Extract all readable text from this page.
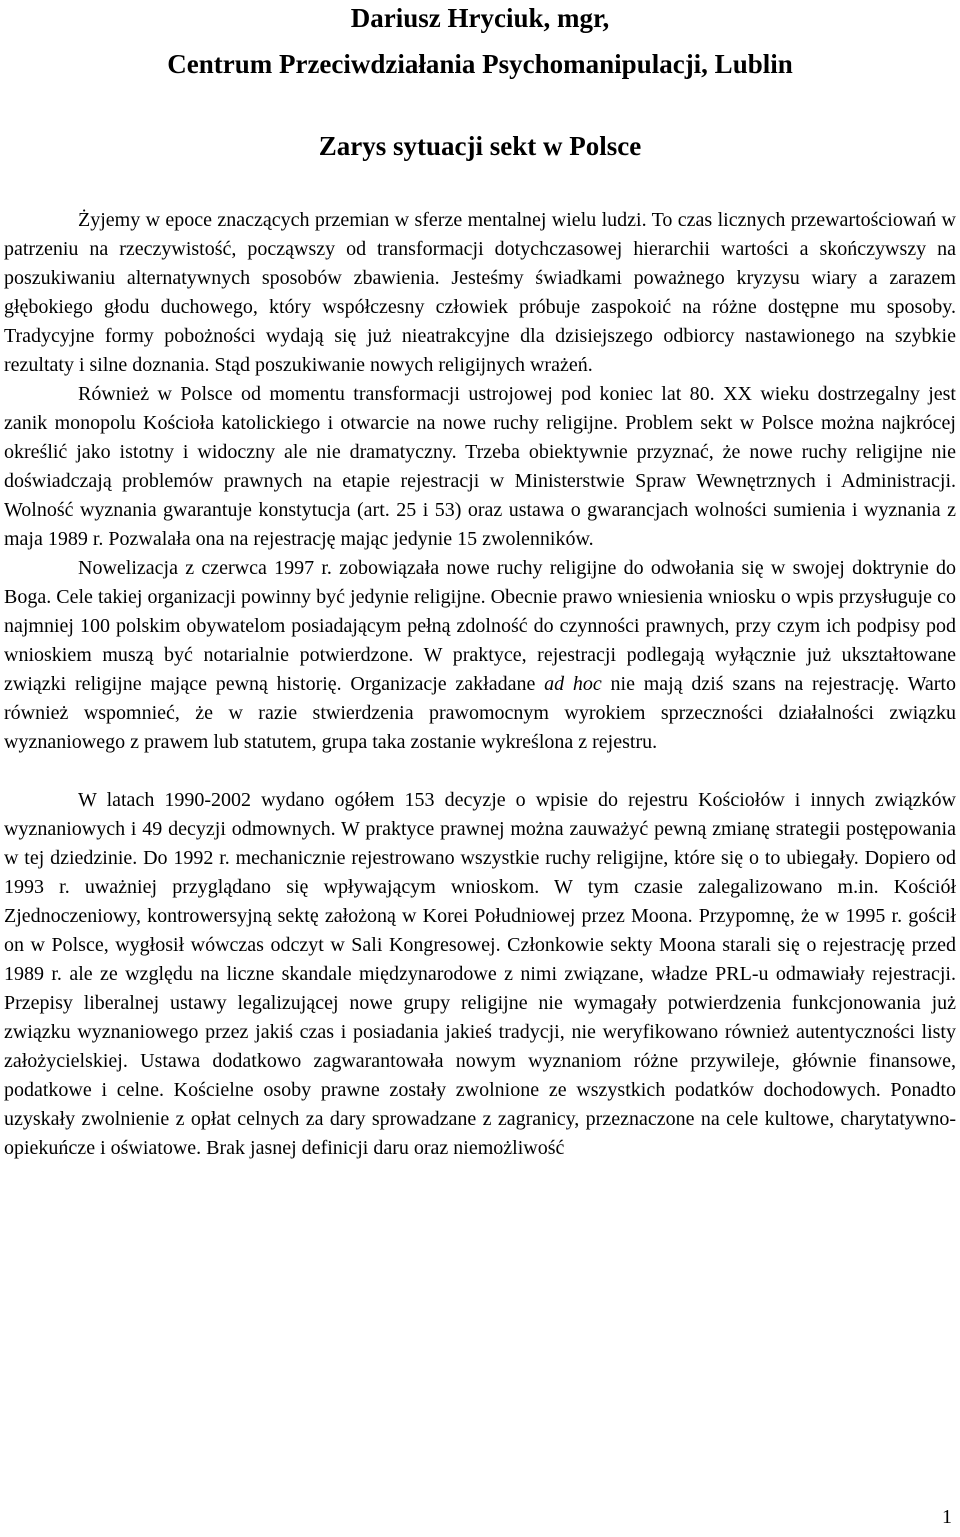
Dariusz Hryciuk, mgr,
Centrum Przeciwdziałania Psychomanipulacji, Lublin
Zarys sytuacji sekt w Polsce

Żyjemy w epoce znaczących przemian w sferze mentalnej wielu ludzi. To czas licznych przewartościowań w patrzeniu na rzeczywistość, począwszy od transformacji dotychczasowej hierarchii wartości a skończywszy na poszukiwaniu alternatywnych sposobów zbawienia. Jesteśmy świadkami poważnego kryzysu wiary a zarazem głębokiego głodu duchowego, który współczesny człowiek próbuje zaspokoić na różne dostępne mu sposoby. Tradycyjne formy pobożności wydają się już nieatrakcyjne dla dzisiejszego odbiorcy nastawionego na szybkie rezultaty i silne doznania. Stąd poszukiwanie nowych religijnych wrażeń.

Również w Polsce od momentu transformacji ustrojowej pod koniec lat 80. XX wieku dostrzegalny jest zanik monopolu Kościoła katolickiego i otwarcie na nowe ruchy religijne. Problem sekt w Polsce można najkrócej określić jako istotny i widoczny ale nie dramatyczny. Trzeba obiektywnie przyznać, że nowe ruchy religijne nie doświadczają problemów prawnych na etapie rejestracji w Ministerstwie Spraw Wewnętrznych i Administracji. Wolność wyznania gwarantuje konstytucja (art. 25 i 53) oraz ustawa o gwarancjach wolności sumienia i wyznania z maja 1989 r. Pozwalała ona na rejestrację mając jedynie 15 zwolenników.

Nowelizacja z czerwca 1997 r. zobowiązała nowe ruchy religijne do odwołania się w swojej doktrynie do Boga. Cele takiej organizacji powinny być jedynie religijne. Obecnie prawo wniesienia wniosku o wpis przysługuje co najmniej 100 polskim obywatelom posiadającym pełną zdolność do czynności prawnych, przy czym ich podpisy pod wnioskiem muszą być notarialnie potwierdzone. W praktyce, rejestracji podlegają wyłącznie już ukształtowane związki religijne mające pewną historię. Organizacje zakładane ad hoc nie mają dziś szans na rejestrację. Warto również wspomnieć, że w razie stwierdzenia prawomocnym wyrokiem sprzeczności działalności związku wyznaniowego z prawem lub statutem, grupa taka zostanie wykreślona z rejestru.

W latach 1990-2002 wydano ogółem 153 decyzje o wpisie do rejestru Kościołów i innych związków wyznaniowych i 49 decyzji odmownych. W praktyce prawnej można zauważyć pewną zmianę strategii postępowania w tej dziedzinie. Do 1992 r. mechanicznie rejestrowano wszystkie ruchy religijne, które się o to ubiegały. Dopiero od 1993 r. uważniej przyglądano się wpływającym wnioskom. W tym czasie zalegalizowano m.in. Kościół Zjednoczeniowy, kontrowersyjną sektę założoną w Korei Południowej przez Moona. Przypomnę, że w 1995 r. gościł on w Polsce, wygłosił wówczas odczyt w Sali Kongresowej. Członkowie sekty Moona starali się o rejestrację przed 1989 r. ale ze względu na liczne skandale międzynarodowe z nimi związane, władze PRL-u odmawiały rejestracji. Przepisy liberalnej ustawy legalizującej nowe grupy religijne nie wymagały potwierdzenia funkcjonowania już związku wyznaniowego przez jakiś czas i posiadania jakieś tradycji, nie weryfikowano również autentyczności listy założycielskiej. Ustawa dodatkowo zagwarantowała nowym wyznaniom różne przywileje, głównie finansowe, podatkowe i celne. Kościelne osoby prawne zostały zwolnione ze wszystkich podatków dochodowych. Ponadto uzyskały zwolnienie z opłat celnych za dary sprowadzane z zagranicy, przeznaczone na cele kultowe, charytatywno-opiekuńcze i oświatowe. Brak jasnej definicji daru oraz niemożliwość

1
